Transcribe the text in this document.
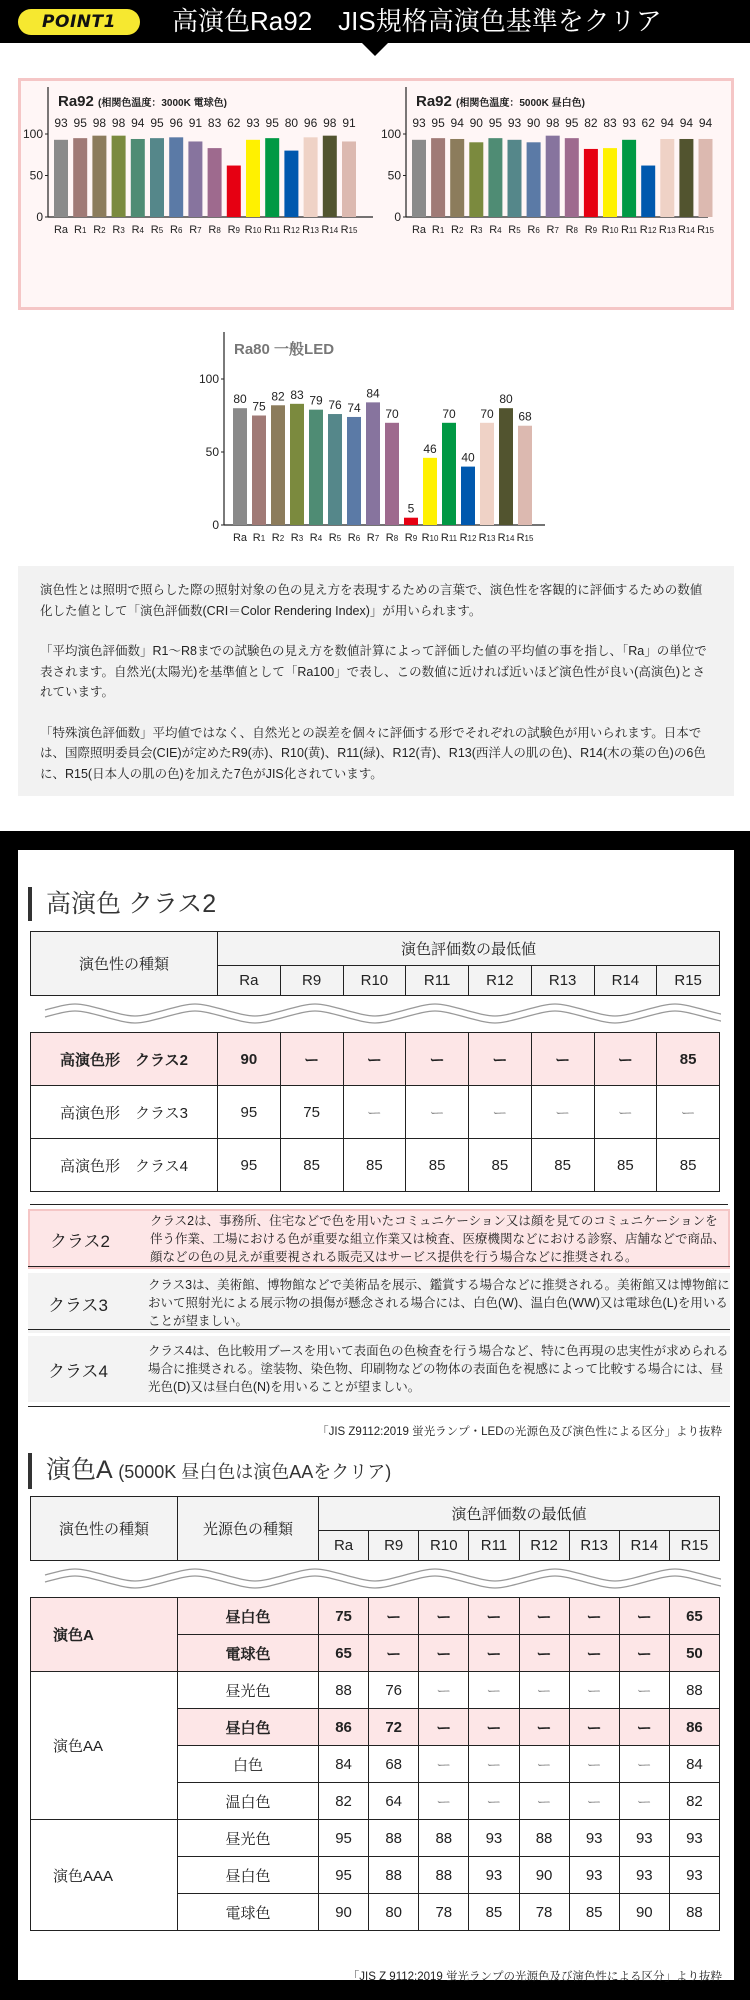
POINT1	高演色Ra92　JIS規格高演色基準をクリア
Ra92 (相関色温度：3000K 電球色)
0
50
100
93
Ra
95
R1
98
R2
98
R3
94
R4
95
R5
96
R6
91
R7
83
R8
62
R9
93
R10
95
R11
80
R12
96
R13
98
R14
91
R15
Ra92 (相関色温度：5000K 昼白色)
0
50
100
93
Ra
95
R1
94
R2
90
R3
95
R4
93
R5
90
R6
98
R7
95
R8
82
R9
83
R10
93
R11
62
R12
94
R13
94
R14
94
R15
Ra80 一般LED
0
50
100
80
Ra
75
R1
82
R2
83
R3
79
R4
76
R5
74
R6
84
R7
70
R8
5
R9
46
R10
70
R11
40
R12
70
R13
80
R14
68
R15

演色性とは照明で照らした際の照射対象の色の見え方を表現するための言葉で、演色性を客観的に評価するための数値化した値として「演色評価数(CRI＝Color Rendering Index)」が用いられます。

「平均演色評価数」R1～R8までの試験色の見え方を数値計算によって評価した値の平均値の事を指し、「Ra」の単位で表されます。自然光(太陽光)を基準値として「Ra100」で表し、この数値に近ければ近いほど演色性が良い(高演色)とされています。

「特殊演色評価数」平均値ではなく、自然光との誤差を個々に評価する形でそれぞれの試験色が用いられます。日本では、国際照明委員会(CIE)が定めたR9(赤)、R10(黄)、R11(緑)、R12(青)、R13(西洋人の肌の色)、R14(木の葉の色)の6色に、R15(日本人の肌の色)を加えた7色がJIS化されています。

高演色 クラス2
演色性の種類	演色評価数の最低値							
	Ra	R9	R10	R11	R12	R13	R14	R15

高演色形　クラス2	90	ー	ー	ー	ー	ー	ー	85
高演色形　クラス3	95	75	ー	ー	ー	ー	ー	ー
高演色形　クラス4	95	85	85	85	85	85	85	85
「JIS Z9112:2019 蛍光ランプ・LEDの光源色及び演色性による区分」より抜粋
演色A (5000K 昼白色は演色AAをクリア)
演色性の種類	光源色の種類	演色評価数の最低値							
		Ra	R9	R10	R11	R12	R13	R14	R15

演色A	昼白色	75	ー	ー	ー	ー	ー	ー	65
	電球色	65	ー	ー	ー	ー	ー	ー	50
演色AA	昼光色	88	76	ー	ー	ー	ー	ー	88
	昼白色	86	72	ー	ー	ー	ー	ー	86
	白色	84	68	ー	ー	ー	ー	ー	84
	温白色	82	64	ー	ー	ー	ー	ー	82
演色AAA	昼光色	95	88	88	93	88	93	93	93
	昼白色	95	88	88	93	90	93	93	93
	電球色	90	80	78	85	78	85	90	88
「JIS Z 9112:2019 蛍光ランプの光源色及び演色性による区分」より抜粋
クラス2
クラス2は、事務所、住宅などで色を用いたコミュニケーション又は顔を見てのコミュニケーションを伴う作業、工場における色が重要な組立作業又は検査、医療機関などにおける診察、店舗などで商品、顔などの色の見えが重要視される販売又はサービス提供を行う場合などに推奨される。
クラス3
クラス3は、美術館、博物館などで美術品を展示、鑑賞する場合などに推奨される。美術館又は博物館において照射光による展示物の損傷が懸念される場合には、白色(W)、温白色(WW)又は電球色(L)を用いることが望ましい。
クラス4
クラス4は、色比較用ブースを用いて表面色の色検査を行う場合など、特に色再現の忠実性が求められる場合に推奨される。塗装物、染色物、印刷物などの物体の表面色を視感によって比較する場合には、昼光色(D)又は昼白色(N)を用いることが望ましい。
